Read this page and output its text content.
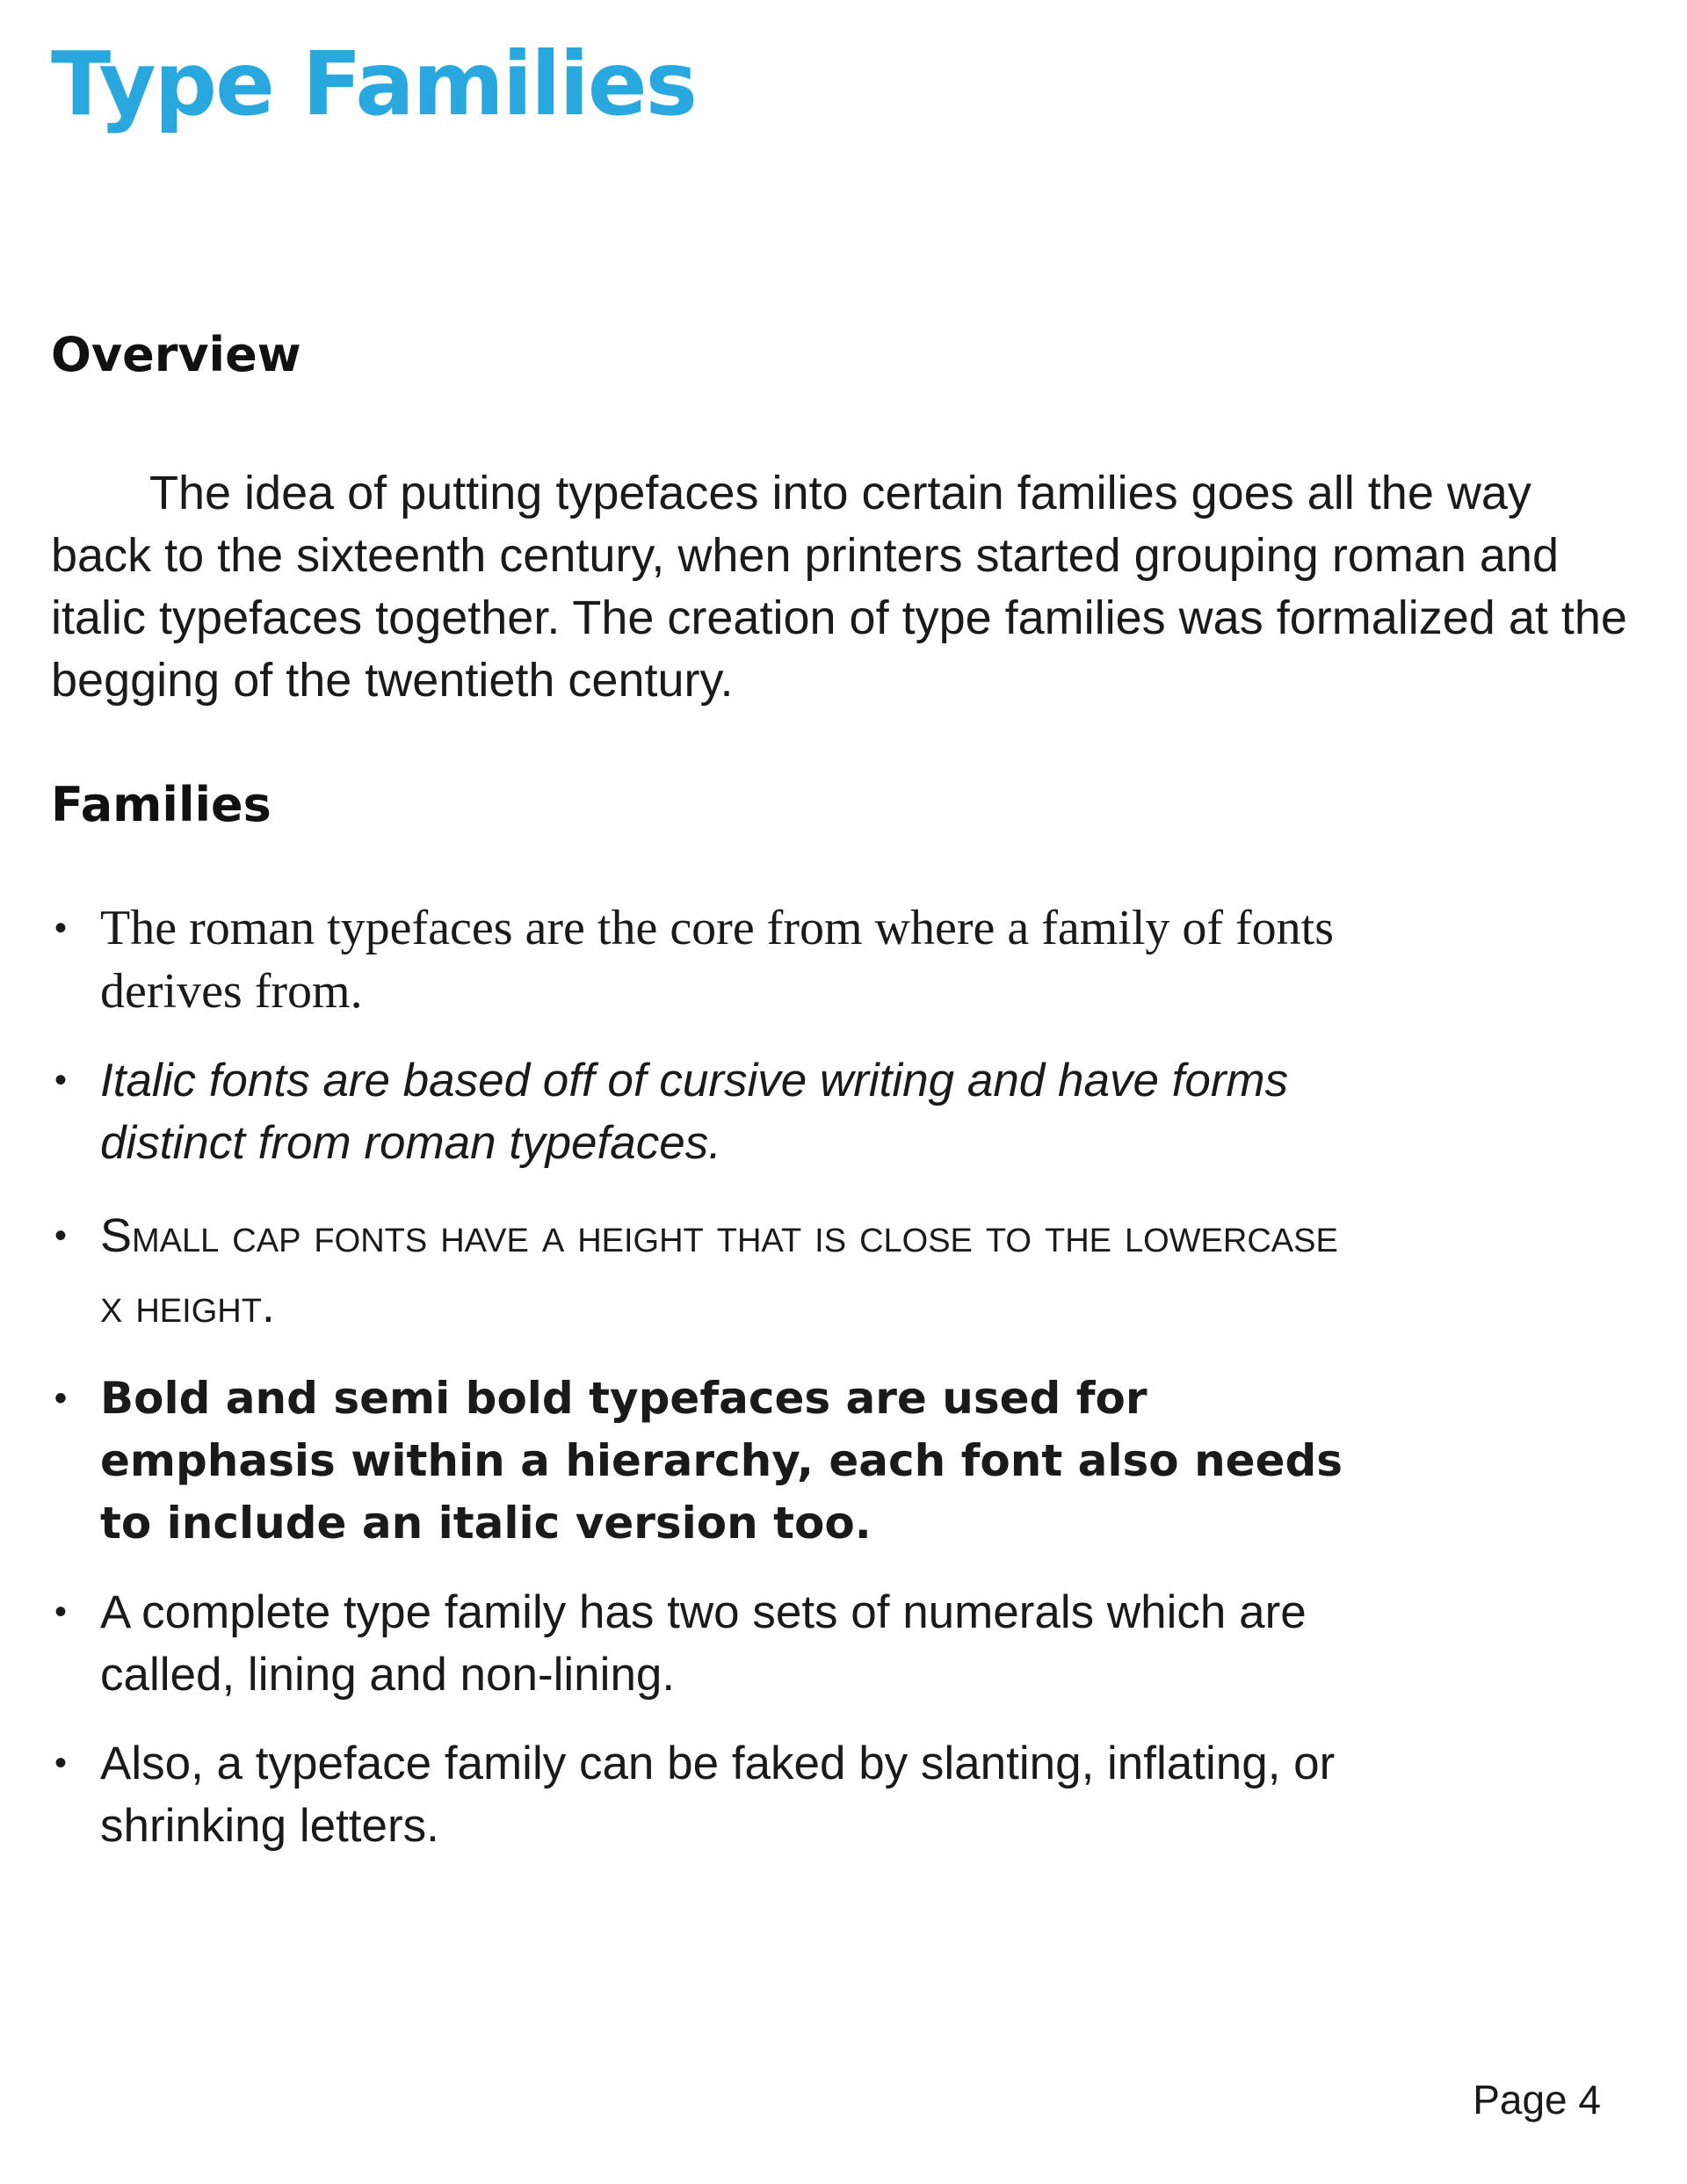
Type Families
Overview

The idea of putting typefaces into certain families goes all the way back to the sixteenth century, when printers started grouping roman and italic typefaces together. The creation of type families was formalized at the begging of the twentieth century.

Families
• The roman typefaces are the core from where a family of fonts derives from.
• Italic fonts are based off of cursive writing and have forms distinct from roman typefaces.
• Small cap fonts have a height that is close to the lowercase x height.
• Bold and semi bold typefaces are used for emphasis within a hierarchy, each font also needs to include an italic version too.
• A complete type family has two sets of numerals which are called, lining and non-lining.
• Also, a typeface family can be faked by slanting, inflating, or shrinking letters.

Page 4
